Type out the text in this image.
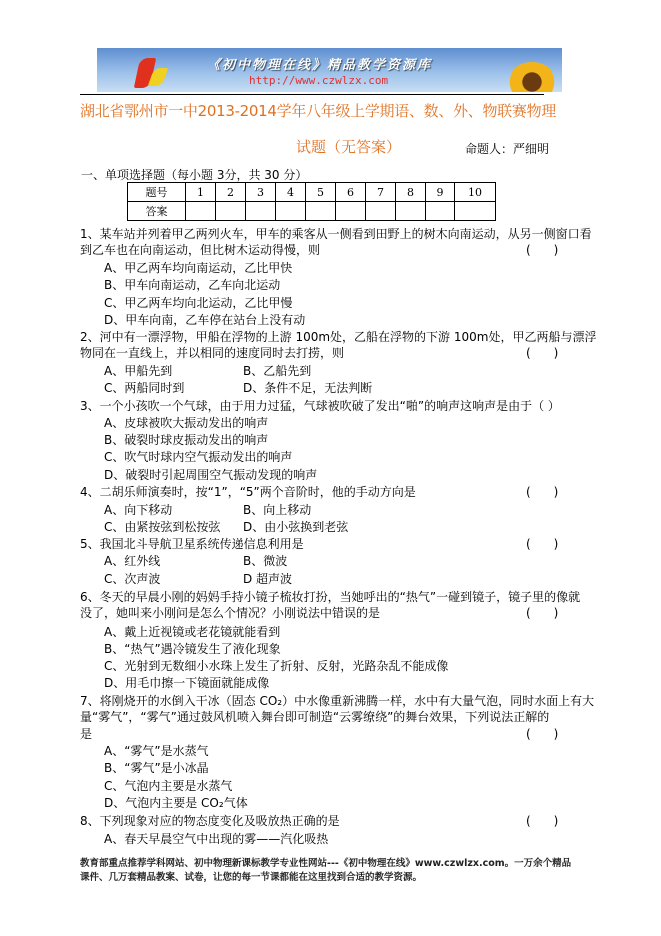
《初中物理在线》精品教学资源库
http://www.czwlzx.com
湖北省鄂州市一中2013-2014学年八年级上学期语、数、外、物联赛物理
试题（无答案）	命题人：严细明
一、单项选择题（每小题 3分，共 30 分）
题号	1	2	3	4	5	6	7	8	9	10
答案										
1、某车站并列着甲乙两列火车，甲车的乘客从一侧看到田野上的树木向南运动，从另一侧窗口看
到乙车也在向南运动，但比树木运动得慢，则	(      )
A、甲乙两车均向南运动，乙比甲快
B、甲车向南运动，乙车向北运动
C、甲乙两车均向北运动，乙比甲慢
D、甲车向南，乙车停在站台上没有动
2、河中有一漂浮物，甲船在浮物的上游 100m处，乙船在浮物的下游 100m处，甲乙两船与漂浮
物同在一直线上，并以相同的速度同时去打捞，则	(      )
A、甲船先到	B、乙船先到
C、两船同时到	D、条件不足，无法判断
3、一个小孩吹一个气球，由于用力过猛，气球被吹破了发出“啪”的响声这响声是由于（ ）
A、皮球被吹大振动发出的响声
B、破裂时球皮振动发出的响声
C、吹气时球内空气振动发出的响声
D、破裂时引起周围空气振动发现的响声
4、二胡乐师演奏时，按“1”，“5”两个音阶时，他的手动方向是	(      )
A、向下移动	B、向上移动
C、由紧按弦到松按弦 D、由小弦换到老弦
5、我国北斗导航卫星系统传递信息利用是	(      )
A、红外线	B、微波
C、次声波	D 超声波
6、冬天的早晨小刚的妈妈手持小镜子梳妆打扮，当她呼出的“热气”一碰到镜子，镜子里的像就
没了，她叫来小刚问是怎么个情况？小刚说法中错误的是	(      )
A、戴上近视镜或老花镜就能看到
B、“热气”遇冷镜发生了液化现象
C、光射到无数细小水珠上发生了折射、反射，光路杂乱不能成像
D、用毛巾擦一下镜面就能成像
7、将刚烧开的水倒入干冰（固态 CO₂）中水像重新沸腾一样，水中有大量气泡，同时水面上有大
量“雾气”，“雾气”通过鼓风机喷入舞台即可制造“云雾缭绕”的舞台效果，下列说法正解的
是	(      )
A、“雾气”是水蒸气
B、“雾气”是小冰晶
C、气泡内主要是水蒸气
D、气泡内主要是 CO₂气体
8、下列现象对应的物态度变化及吸放热正确的是	(      )
A、春天早晨空气中出现的雾——汽化吸热
教育部重点推荐学科网站、初中物理新课标教学专业性网站---《初中物理在线》www.czwlzx.com。一万余个精品
课件、几万套精品教案、试卷，让您的每一节课都能在这里找到合适的教学资源。
